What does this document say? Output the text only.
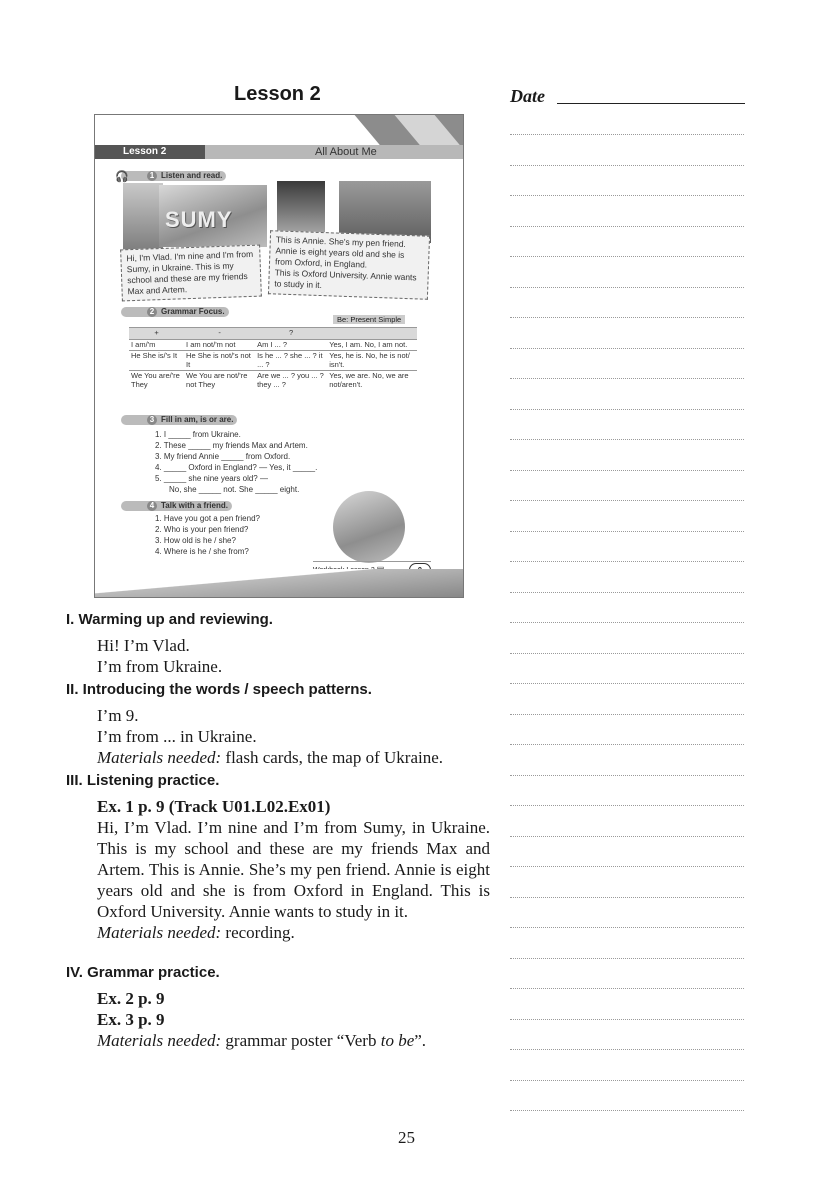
Lesson 2	Date
Lesson 2	All About Me
1 Listen and read.
🎧
SUMY
Hi, I'm Vlad. I'm nine and I'm from Sumy, in Ukraine. This is my school and these are my friends Max and Artem.
This is Annie. She's my pen friend. Annie is eight years old and she is from Oxford, in England.
This is Oxford University. Annie wants to study in it.
2 Grammar Focus.
Be: Present Simple
+	-	?	
I am/'m	I am not/'m not	Am I ... ?	Yes, I am. No, I am not.
He She is/'s It	He She is not/'s not It	Is he ... ? she ... ? it ... ?	Yes, he is. No, he is not/ isn't.
We You are/'re They	We You are not/'re not They	Are we ... ? you ... ? they ... ?	Yes, we are. No, we are not/aren't.
3 Fill in am, is or are.
1. I _____ from Ukraine.
2. These _____ my friends Max and Artem.
3. My friend Annie _____ from Oxford.
4. _____ Oxford in England? — Yes, it _____.
5. _____ she nine years old? —
No, she _____ not. She _____ eight.
4 Talk with a friend.
1. Have you got a pen friend?
2. Who is your pen friend?
3. How old is he / she?
4. Where is he / she from?
I. Warming up and reviewing.
Hi! I’m Vlad.
I’m from Ukraine.
II. Introducing the words / speech patterns.
I’m 9.
I’m from ... in Ukraine.
Materials needed: flash cards, the map of Ukraine.
III. Listening practice.
Ex. 1 p. 9 (Track U01.L02.Ex01)
Hi, I’m Vlad. I’m nine and I’m from Sumy, in Ukraine. This is my school and these are my friends Max and Artem. This is Annie. She’s my pen friend. Annie is eight years old and she is from Oxford in England. This is Oxford University. Annie wants to study in it.
Materials needed: recording.
IV. Grammar practice.
Ex. 2 p. 9
Ex. 3 p. 9
Materials needed: grammar poster “Verb to be”.
25
